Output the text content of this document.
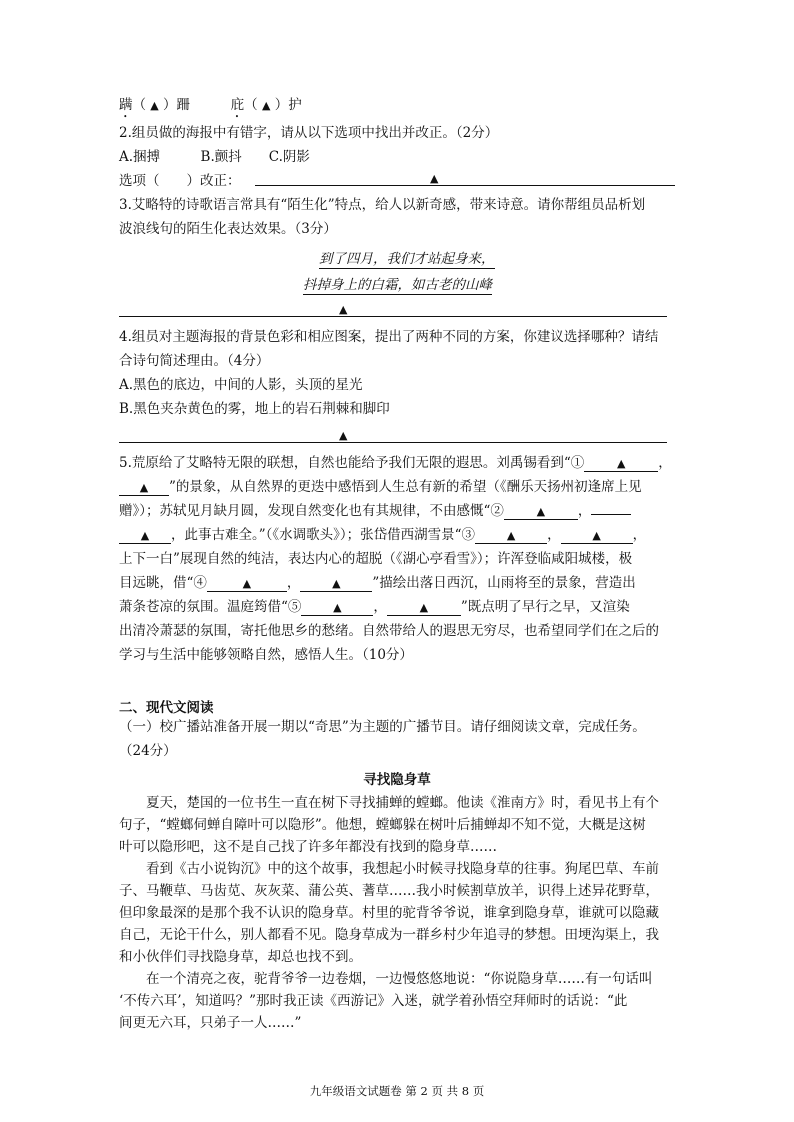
蹒（ ▲ ）跚	庇（ ▲ ）护
2.组员做的海报中有错字，请从以下选项中找出并改正。（2分）
A.捆搏　　　B.颤抖　　C.阴影
选项（　　）改正：	▲
3.艾略特的诗歌语言常具有“陌生化”特点，给人以新奇感，带来诗意。请你帮组员品析划
波浪线句的陌生化表达效果。（3分）
到了四月，我们才站起身来，
抖掉身上的白霜，如古老的山峰
▲
4.组员对主题海报的背景色彩和相应图案，提出了两种不同的方案，你建议选择哪种？请结
合诗句简述理由。（4分）
A.黑色的底边，中间的人影，头顶的星光
B.黑色夹杂黄色的雾，地上的岩石荆棘和脚印
▲
5.荒原给了艾略特无限的联想，自然也能给予我们无限的遐思。刘禹锡看到“①	▲ ，
▲ ”的景象，从自然界的更迭中感悟到人生总有新的希望（《酬乐天扬州初逢席上见
赠》）；苏轼见月缺月圆，发现自然变化也有其规律，不由感慨“②	▲ ，
▲ ，此事古难全。”（《水调歌头》）；张岱借西湖雪景“③	▲ ，	▲ ，
上下一白”展现自然的纯洁，表达内心的超脱（《湖心亭看雪》）；许浑登临咸阳城楼，极
目远眺，借“④	▲	，	▲ ”描绘出落日西沉，山雨将至的景象，营造出
萧条苍凉的氛围。温庭筠借“⑤	▲ ，	▲ ”既点明了早行之早，又渲染
出清冷萧瑟的氛围，寄托他思乡的愁绪。自然带给人的遐思无穷尽，也希望同学们在之后的
学习与生活中能够领略自然，感悟人生。（10分）
二、现代文阅读
（一）校广播站准备开展一期以“奇思”为主题的广播节目。请仔细阅读文章，完成任务。
（24分）
寻找隐身草
　　夏天，楚国的一位书生一直在树下寻找捕蝉的螳螂。他读《淮南方》时，看见书上有个
句子，“螳螂伺蝉自障叶可以隐形”。他想，螳螂躲在树叶后捕蝉却不知不觉，大概是这树
叶可以隐形吧，这不是自己找了许多年都没有找到的隐身草……
　　看到《古小说钩沉》中的这个故事，我想起小时候寻找隐身草的往事。狗尾巴草、车前
子、马鞭草、马齿苋、灰灰菜、蒲公英、蓍草……我小时候割草放羊，识得上述异花野草，
但印象最深的是那个我不认识的隐身草。村里的驼背爷爷说，谁拿到隐身草，谁就可以隐藏
自己，无论干什么，别人都看不见。隐身草成为一群乡村少年追寻的梦想。田埂沟渠上，我
和小伙伴们寻找隐身草，却总也找不到。
　　在一个清亮之夜，驼背爷爷一边卷烟，一边慢悠悠地说：“你说隐身草……有一句话叫
‘不传六耳’，知道吗？”那时我正读《西游记》入迷，就学着孙悟空拜师时的话说：“此
间更无六耳，只弟子一人……”
九年级语文试题卷 第 2 页 共 8 页
